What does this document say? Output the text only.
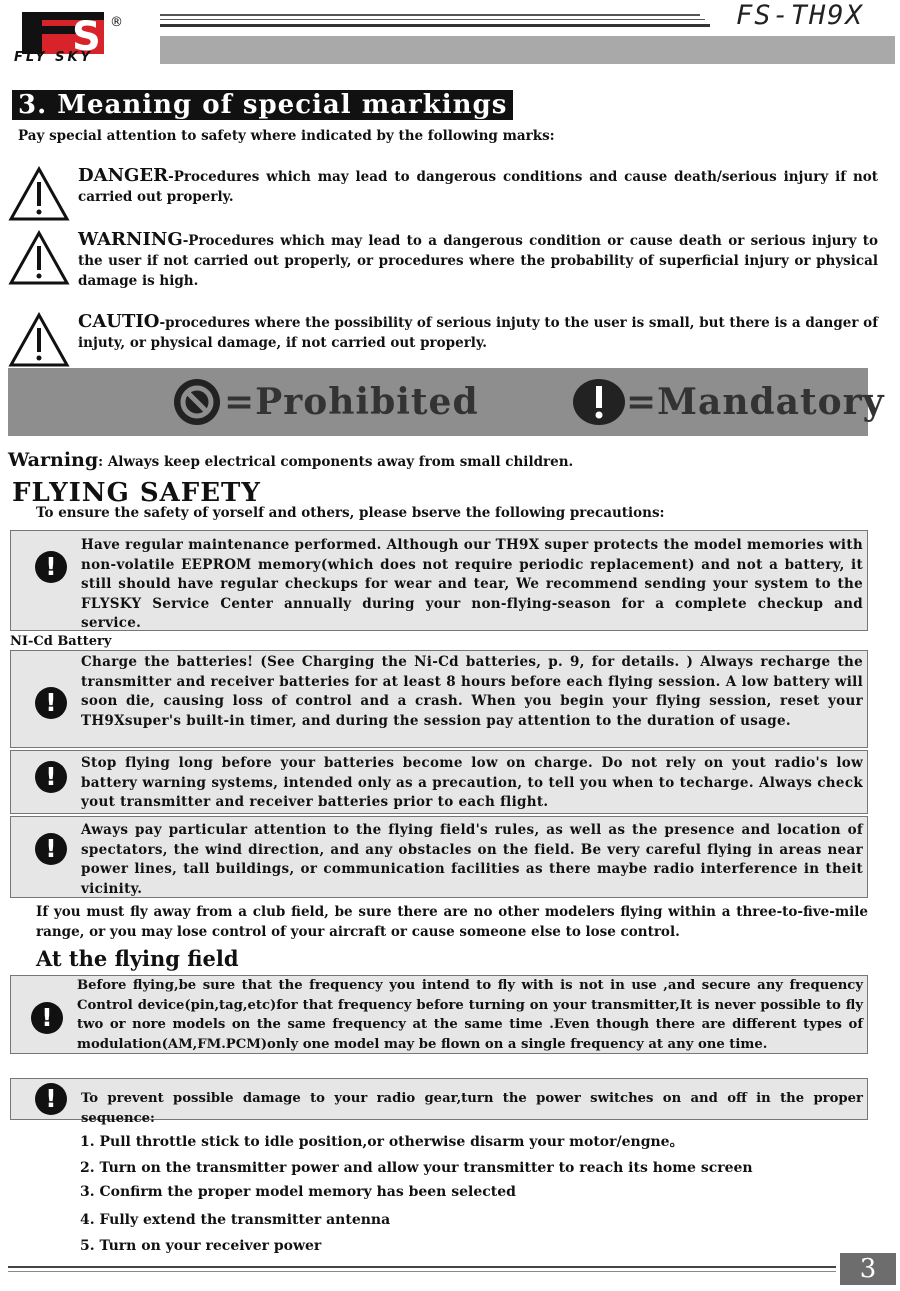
S ®
FLY SKY
FS-TH9X
3. Meaning of special markings
Pay special attention to safety where indicated by the following marks:
DANGER-Procedures which may lead to dangerous conditions and cause death/serious injury if not carried out properly.
WARNING-Procedures which may lead to a dangerous condition or cause death or serious injury to the user if not carried out properly, or procedures where the probability of superficial injury or physical damage is high.
CAUTIO-procedures where the possibility of serious injuty to the user is small, but there is a danger of injuty, or physical damage, if not carried out properly.
=Prohibited	=Mandatory
Warning: Always keep electrical components away from small children.
FLYING SAFETY
To ensure the safety of yorself and others, please bserve the following precautions:
!
Have regular maintenance performed. Although our TH9X super protects the model memories with non-volatile EEPROM memory(which does not require periodic replacement) and not a battery, it still should have regular checkups for wear and tear, We recommend sending your system to the FLYSKY Service Center annually during your non-flying-season for a complete checkup and service.
NI-Cd Battery
!
Charge the batteries! (See Charging the Ni-Cd batteries, p. 9, for details. ) Always recharge the transmitter and receiver batteries for at least 8 hours before each flying session. A low battery will soon die, causing loss of control and a crash. When you begin your flying session, reset your TH9Xsuper's built-in timer, and during the session pay attention to the duration of usage.
!
Stop flying long before your batteries become low on charge. Do not rely on yout radio's low battery warning systems, intended only as a precaution, to tell you when to techarge. Always check yout transmitter and receiver batteries prior to each flight.
!
Aways pay particular attention to the flying field's rules, as well as the presence and location of spectators, the wind direction, and any obstacles on the field. Be very careful flying in areas near power lines, tall buildings, or communication facilities as there maybe radio interference in theit vicinity.
If you must fly away from a club field, be sure there are no other modelers flying within a three-to-five-mile range, or you may lose control of your aircraft or cause someone else to lose control.
At the flying field
!
Before flying,be sure that the frequency you intend to fly with is not in use ,and secure any frequency Control device(pin,tag,etc)for that frequency before turning on your transmitter,It is never possible to fly two or nore models on the same frequency at the same time .Even though there are different types of modulation(AM,FM.PCM)only one model may be flown on a single frequency at any one time.
!
To prevent possible damage to your radio gear,turn the power switches on and off in the proper sequence:
1. Pull throttle stick to idle position,or otherwise disarm your motor/engne。
2. Turn on the transmitter power and allow your transmitter to reach its home screen
3. Confirm the proper model memory has been selected
4. Fully extend the transmitter antenna
5. Turn on your receiver power
3
